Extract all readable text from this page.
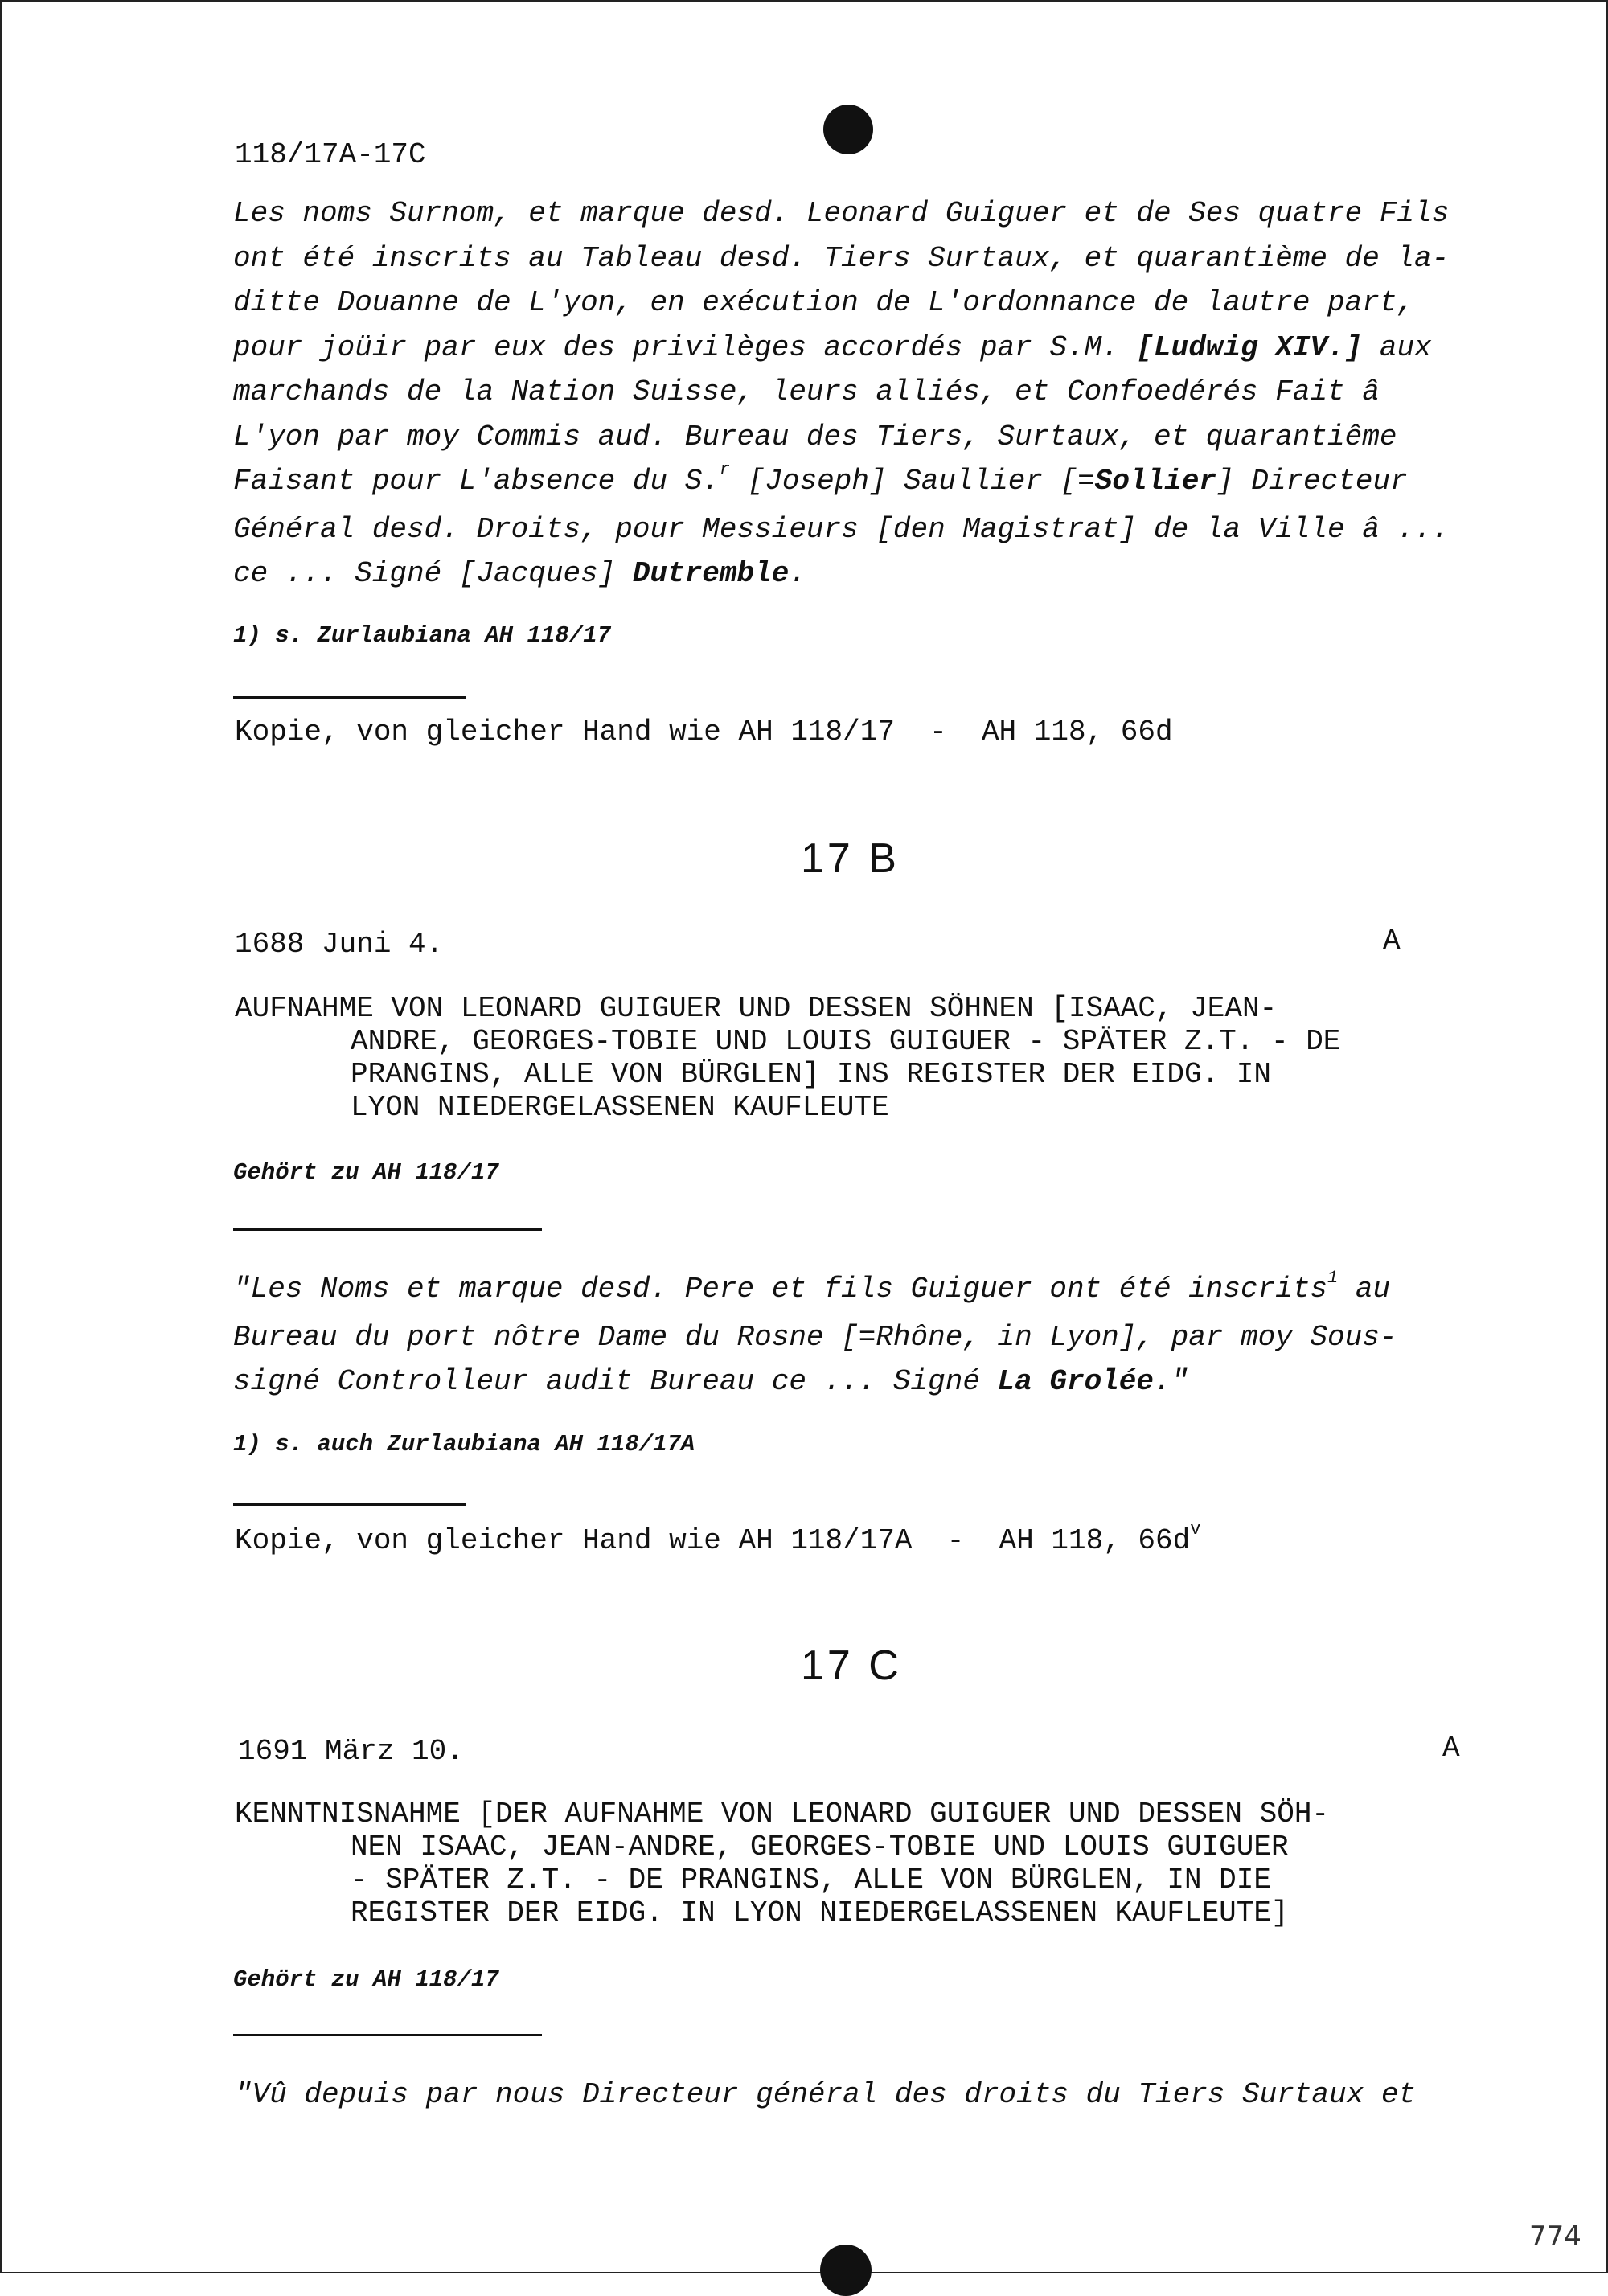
118/17A-17C
Les noms Surnom, et marque desd. Leonard Guiguer et de Ses quatre Fils
ont été inscrits au Tableau desd. Tiers Surtaux, et quarantième de la-
ditte Douanne de L'yon, en exécution de L'ordonnance de lautre part,
pour joüir par eux des privilèges accordés par S.M. [Ludwig XIV.] aux
marchands de la Nation Suisse, leurs alliés, et Confoedérés Fait â
L'yon par moy Commis aud. Bureau des Tiers, Surtaux, et quarantiême
Faisant pour L'absence du S.$^r$ [Joseph] Saullier [=Sollier] Directeur
Général desd. Droits, pour Messieurs [den Magistrat] de la Ville â ...
ce ... Signé [Jacques] Dutremble.
1) s. Zurlaubiana AH 118/17
Kopie, von gleicher Hand wie AH 118/17  -  AH 118, 66d
17 B
1688 Juni 4.	A
AUFNAHME VON LEONARD GUIGUER UND DESSEN SÖHNEN [ISAAC, JEAN-
ANDRE, GEORGES-TOBIE UND LOUIS GUIGUER - SPÄTER Z.T. - DE
PRANGINS, ALLE VON BÜRGLEN] INS REGISTER DER EIDG. IN
LYON NIEDERGELASSENEN KAUFLEUTE
Gehört zu AH 118/17
"Les Noms et marque desd. Pere et fils Guiguer ont été inscrits$^1$ au
Bureau du port nôtre Dame du Rosne [=Rhône, in Lyon], par moy Sous-
signé Controlleur audit Bureau ce ... Signé La Grolée."
1) s. auch Zurlaubiana AH 118/17A
Kopie, von gleicher Hand wie AH 118/17A  -  AH 118, $66d^v$
17 C
1691 März 10.	A
KENNTNISNAHME [DER AUFNAHME VON LEONARD GUIGUER UND DESSEN SÖH-
NEN ISAAC, JEAN-ANDRE, GEORGES-TOBIE UND LOUIS GUIGUER
- SPÄTER Z.T. - DE PRANGINS, ALLE VON BÜRGLEN, IN DIE
REGISTER DER EIDG. IN LYON NIEDERGELASSENEN KAUFLEUTE]
Gehört zu AH 118/17
"Vû depuis par nous Directeur général des droits du Tiers Surtaux et
774
